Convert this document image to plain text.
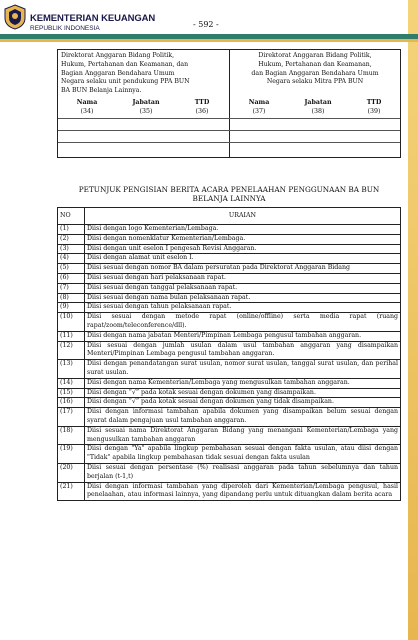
KEMENTERIAN KEUANGAN
REPUBLIK INDONESIA	- 592 -
Direktorat Anggaran Bidang Politik,
Hukum, Pertahanan dan Keamanan, dan
Bagian Anggaran Bendahara Umum
Negara selaku unit pendukung PPA BUN
BA BUN Belanja Lainnya.
Nama	Jabatan	TTD
(34)	(35)	(36)
Direktorat Anggaran Bidang Politik,
Hukum, Pertahanan dan Keamanan,
dan Bagian Anggaran Bendahara Umum
Negara selaku Mitra PPA BUN
Nama	Jabatan	TTD
(37)	(38)	(39)
PETUNJUK PENGISIAN BERITA ACARA PENELAAHAN PENGGUNAAN BA BUN
BELANJA LAINNYA
NO	URAIAN
(1)	Diisi dengan logo Kementerian/Lembaga.
(2)	Diisi dengan nomenklatur Kementerian/Lembaga.
(3)	Diisi dengan unit eselon I pengesah Revisi Anggaran.
(4)	Diisi dengan alamat unit eselon I.
(5)	Diisi sesuai dengan nomor BA dalam persuratan pada Direktorat Anggaran Bidang
(6)	Diisi sesuai dengan hari pelaksanaan rapat.
(7)	Diisi sesuai dengan tanggal pelaksanaan rapat.
(8)	Diisi sesuai dengan nama bulan pelaksanaan rapat.
(9)	Diisi sesuai dengan tahun pelaksanaan rapat.
(10)	Diisi sesuai dengan metode rapat (online/offline) serta media rapat (ruang rapat/zoom/teleconference/dll).
(11)	Diisi dengan nama jabatan Menteri/Pimpinan Lembaga pengusul tambahan anggaran.
(12)	Diisi sesuai dengan jumlah usulan dalam usul tambahan anggaran yang disampaikan Menteri/Pimpinan Lembaga pengusul tambahan anggaran.
(13)	Diisi dengan penandatangan surat usulan, nomor surat usulan, tanggal surat usulan, dan perihal surat usulan.
(14)	Diisi dengan nama Kementerian/Lembaga yang mengusulkan tambahan anggaran.
(15)	Diisi dengan “√” pada kotak sesuai dengan dokumen yang disampaikan.
(16)	Diisi dengan “√” pada kotak sesuai dengan dokumen yang tidak disampaikan.
(17)	Diisi dengan informasi tambahan apabila dokumen yang disampaikan belum sesuai dengan syarat dalam pengajuan usul tambahan anggaran.
(18)	Diisi sesuai nama Direktorat Anggaran Bidang yang menangani Kementerian/Lembaga yang mengusulkan tambahan anggaran
(19)	Diisi dengan "Ya" apabila lingkup pembahasan sesuai dengan fakta usulan, atau diisi dengan "Tidak" apabila lingkup pembahasan tidak sesuai dengan fakta usulan
(20)	Diisi sesuai dengan persentase (%) realisasi anggaran pada tahun sebelumnya dan tahun berjalan (t-1,t)
(21)	Diisi dengan informasi tambahan yang diperoleh dari Kementerian/Lembaga pengusul, hasil penelaahan, atau informasi lainnya, yang dipandang perlu untuk dituangkan dalam berita acara
